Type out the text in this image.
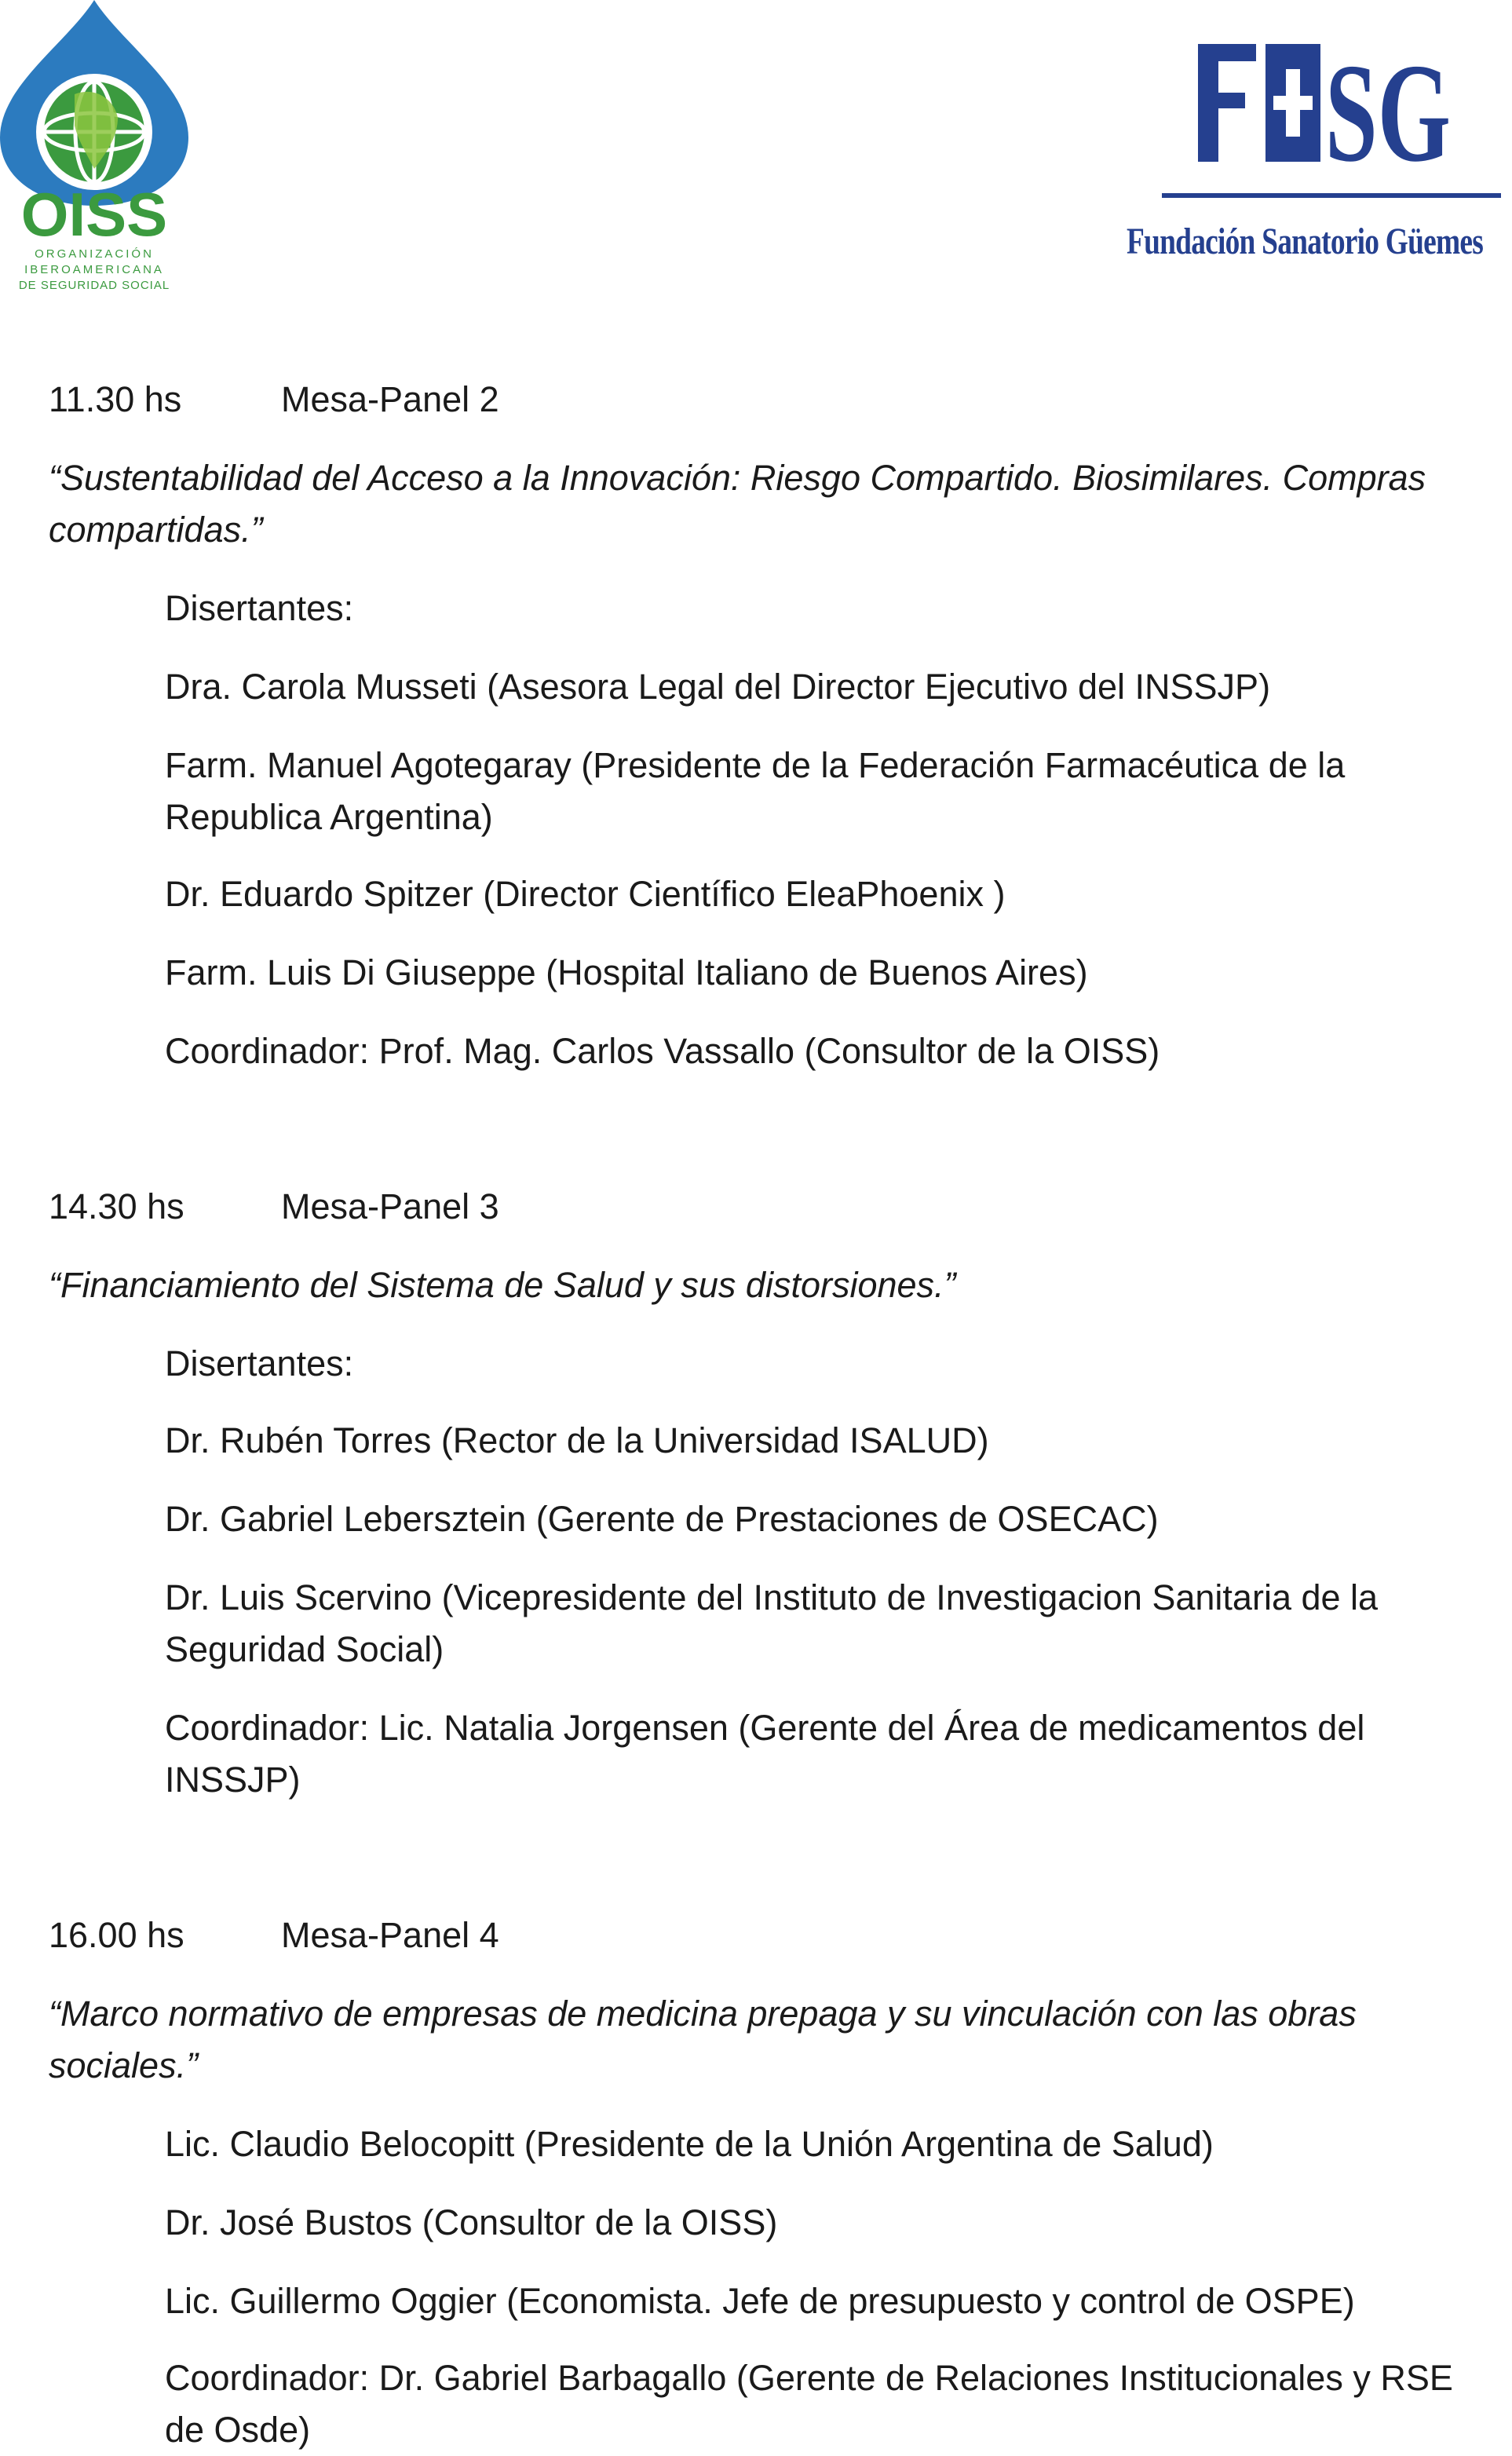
OISS
ORGANIZACIÓN
IBEROAMERICANA
DE SEGURIDAD SOCIAL
SG
Fundación Sanatorio Güemes
11.30 hs	Mesa-Panel 2
“Sustentabilidad del Acceso a la Innovación: Riesgo Compartido. Biosimilares. Compras
compartidas.”
Disertantes:
Dra. Carola Musseti (Asesora Legal del Director Ejecutivo del INSSJP)
Farm. Manuel Agotegaray (Presidente de la Federación Farmacéutica de la
Republica Argentina)
Dr. Eduardo Spitzer (Director Científico EleaPhoenix )
Farm. Luis Di Giuseppe (Hospital Italiano de Buenos Aires)
Coordinador: Prof. Mag. Carlos Vassallo (Consultor de la OISS)
14.30 hs	Mesa-Panel 3
“Financiamiento del Sistema de Salud y sus distorsiones.”
Disertantes:
Dr. Rubén Torres (Rector de la Universidad ISALUD)
Dr. Gabriel Lebersztein (Gerente de Prestaciones de OSECAC)
Dr. Luis Scervino (Vicepresidente del Instituto de Investigacion Sanitaria de la
Seguridad Social)
Coordinador: Lic. Natalia Jorgensen (Gerente del Área de medicamentos del
INSSJP)
16.00 hs	Mesa-Panel 4
“Marco normativo de empresas de medicina prepaga y su vinculación con las obras
sociales.”
Lic. Claudio Belocopitt (Presidente de la Unión Argentina de Salud)
Dr. José Bustos (Consultor de la OISS)
Lic. Guillermo Oggier (Economista. Jefe de presupuesto y control de OSPE)
Coordinador: Dr. Gabriel Barbagallo (Gerente de Relaciones Institucionales y RSE
de Osde)
